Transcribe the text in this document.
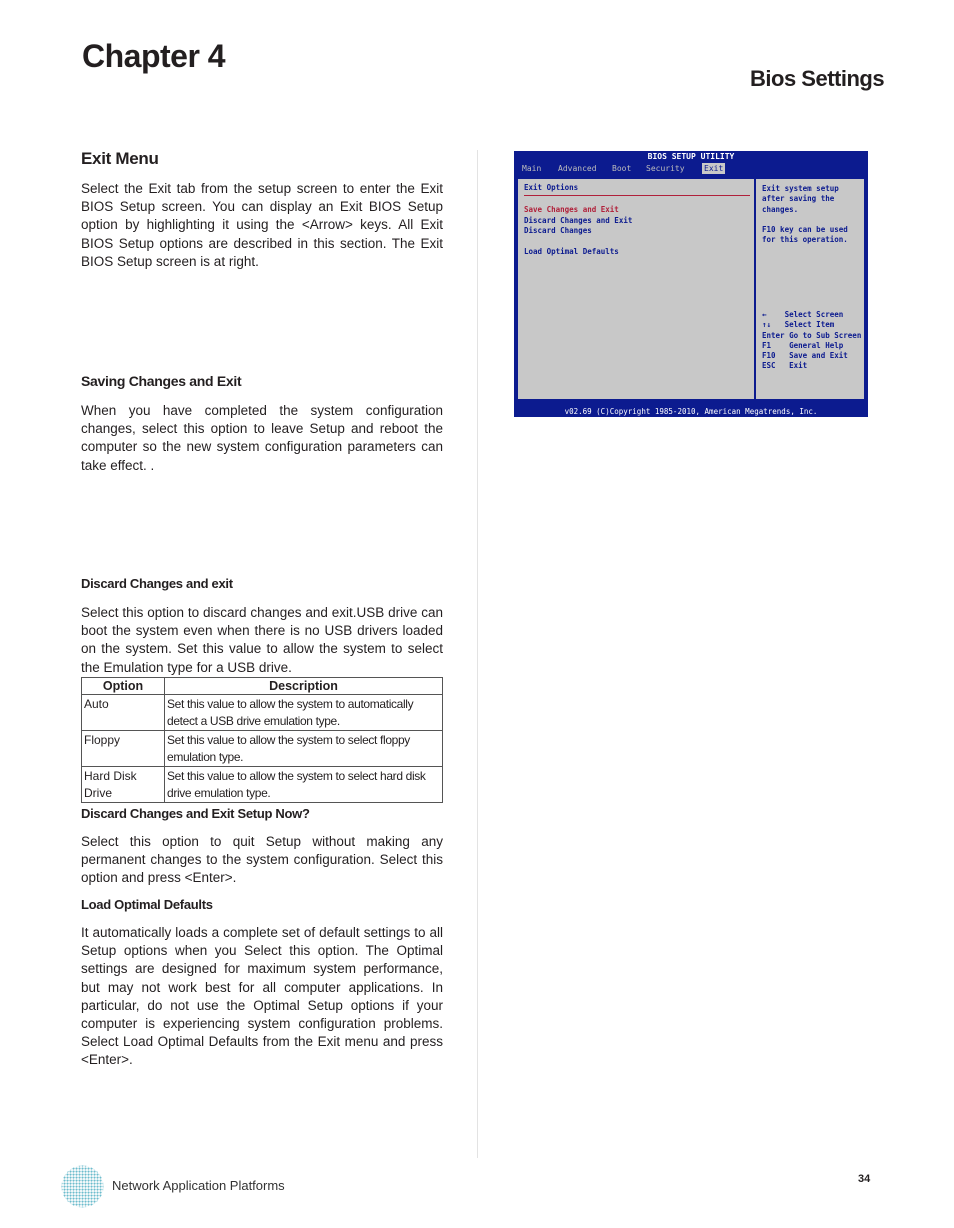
Chapter 4
Bios Settings
Exit Menu
Select the Exit tab from the setup screen to enter the Exit BIOS Setup screen. You can display an Exit BIOS Setup option by highlighting it using the <Arrow> keys. All Exit BIOS Setup options are described in this section. The Exit BIOS Setup screen is at right.
Saving Changes and Exit
When you have completed the system configuration changes, select this option to leave Setup and reboot the computer so the new system configuration parameters can take effect. .
Discard Changes and exit
Select this option to discard changes and exit.USB drive can boot the system even when there is no USB drivers loaded on the system. Set this value to allow the system to select the Emulation type for a USB drive.
Option	Description
Auto	Set this value to allow the system to automatically detect a USB drive emulation type.
Floppy	Set this value to allow the system to select floppy emulation type.
Hard Disk Drive	Set this value to allow the system to select hard disk drive emulation type.
Discard Changes and Exit Setup Now?
Select this option to quit Setup without making any permanent changes to the system configuration. Select this option and press <Enter>.
Load Optimal Defaults
It automatically loads a complete set of default settings to all Setup options when you Select this option. The Optimal settings are designed for maximum system performance, but may not work best for all computer applications. In particular, do not use the Optimal Setup options if your computer is experiencing system configuration problems. Select Load Optimal Defaults from the Exit menu and press <Enter>.
BIOS SETUP UTILITY
Main Advanced Boot Security Exit
Exit Options
Save Changes and Exit
Discard Changes and Exit
Discard Changes
Load Optimal Defaults
Exit system setup
after saving the
changes.

F10 key can be used
for this operation.
←    Select Screen
↑↓   Select Item
Enter Go to Sub Screen
F1    General Help
F10   Save and Exit
ESC   Exit
v02.69 (C)Copyright 1985-2010, American Megatrends, Inc.
Network Application Platforms	34
